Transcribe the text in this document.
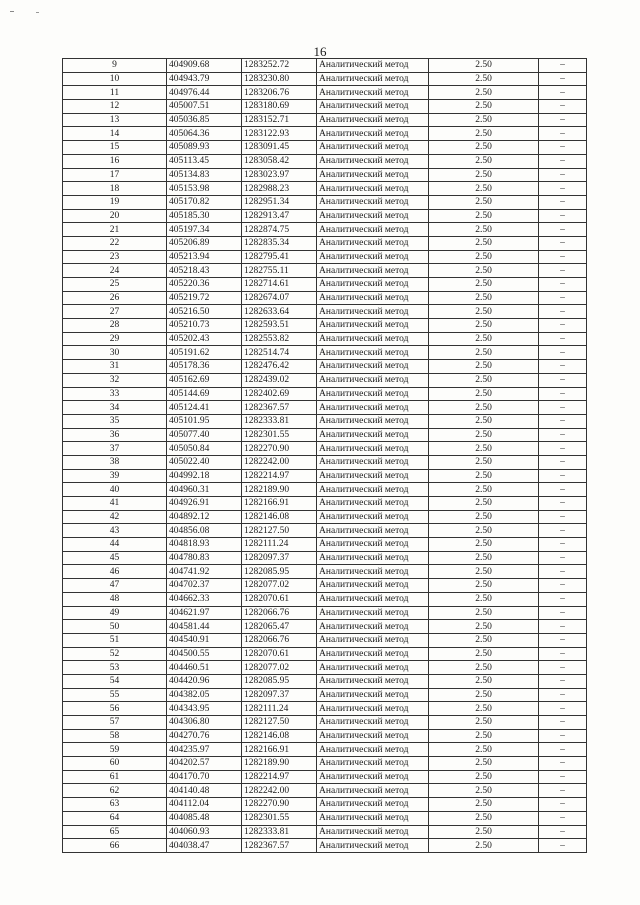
16
9	404909.68	1283252.72	Аналитический метод	2.50	–
10	404943.79	1283230.80	Аналитический метод	2.50	–
11	404976.44	1283206.76	Аналитический метод	2.50	–
12	405007.51	1283180.69	Аналитический метод	2.50	–
13	405036.85	1283152.71	Аналитический метод	2.50	–
14	405064.36	1283122.93	Аналитический метод	2.50	–
15	405089.93	1283091.45	Аналитический метод	2.50	–
16	405113.45	1283058.42	Аналитический метод	2.50	–
17	405134.83	1283023.97	Аналитический метод	2.50	–
18	405153.98	1282988.23	Аналитический метод	2.50	–
19	405170.82	1282951.34	Аналитический метод	2.50	–
20	405185.30	1282913.47	Аналитический метод	2.50	–
21	405197.34	1282874.75	Аналитический метод	2.50	–
22	405206.89	1282835.34	Аналитический метод	2.50	–
23	405213.94	1282795.41	Аналитический метод	2.50	–
24	405218.43	1282755.11	Аналитический метод	2.50	–
25	405220.36	1282714.61	Аналитический метод	2.50	–
26	405219.72	1282674.07	Аналитический метод	2.50	–
27	405216.50	1282633.64	Аналитический метод	2.50	–
28	405210.73	1282593.51	Аналитический метод	2.50	–
29	405202.43	1282553.82	Аналитический метод	2.50	–
30	405191.62	1282514.74	Аналитический метод	2.50	–
31	405178.36	1282476.42	Аналитический метод	2.50	–
32	405162.69	1282439.02	Аналитический метод	2.50	–
33	405144.69	1282402.69	Аналитический метод	2.50	–
34	405124.41	1282367.57	Аналитический метод	2.50	–
35	405101.95	1282333.81	Аналитический метод	2.50	–
36	405077.40	1282301.55	Аналитический метод	2.50	–
37	405050.84	1282270.90	Аналитический метод	2.50	–
38	405022.40	1282242.00	Аналитический метод	2.50	–
39	404992.18	1282214.97	Аналитический метод	2.50	–
40	404960.31	1282189.90	Аналитический метод	2.50	–
41	404926.91	1282166.91	Аналитический метод	2.50	–
42	404892.12	1282146.08	Аналитический метод	2.50	–
43	404856.08	1282127.50	Аналитический метод	2.50	–
44	404818.93	1282111.24	Аналитический метод	2.50	–
45	404780.83	1282097.37	Аналитический метод	2.50	–
46	404741.92	1282085.95	Аналитический метод	2.50	–
47	404702.37	1282077.02	Аналитический метод	2.50	–
48	404662.33	1282070.61	Аналитический метод	2.50	–
49	404621.97	1282066.76	Аналитический метод	2.50	–
50	404581.44	1282065.47	Аналитический метод	2.50	–
51	404540.91	1282066.76	Аналитический метод	2.50	–
52	404500.55	1282070.61	Аналитический метод	2.50	–
53	404460.51	1282077.02	Аналитический метод	2.50	–
54	404420.96	1282085.95	Аналитический метод	2.50	–
55	404382.05	1282097.37	Аналитический метод	2.50	–
56	404343.95	1282111.24	Аналитический метод	2.50	–
57	404306.80	1282127.50	Аналитический метод	2.50	–
58	404270.76	1282146.08	Аналитический метод	2.50	–
59	404235.97	1282166.91	Аналитический метод	2.50	–
60	404202.57	1282189.90	Аналитический метод	2.50	–
61	404170.70	1282214.97	Аналитический метод	2.50	–
62	404140.48	1282242.00	Аналитический метод	2.50	–
63	404112.04	1282270.90	Аналитический метод	2.50	–
64	404085.48	1282301.55	Аналитический метод	2.50	–
65	404060.93	1282333.81	Аналитический метод	2.50	–
66	404038.47	1282367.57	Аналитический метод	2.50	–
